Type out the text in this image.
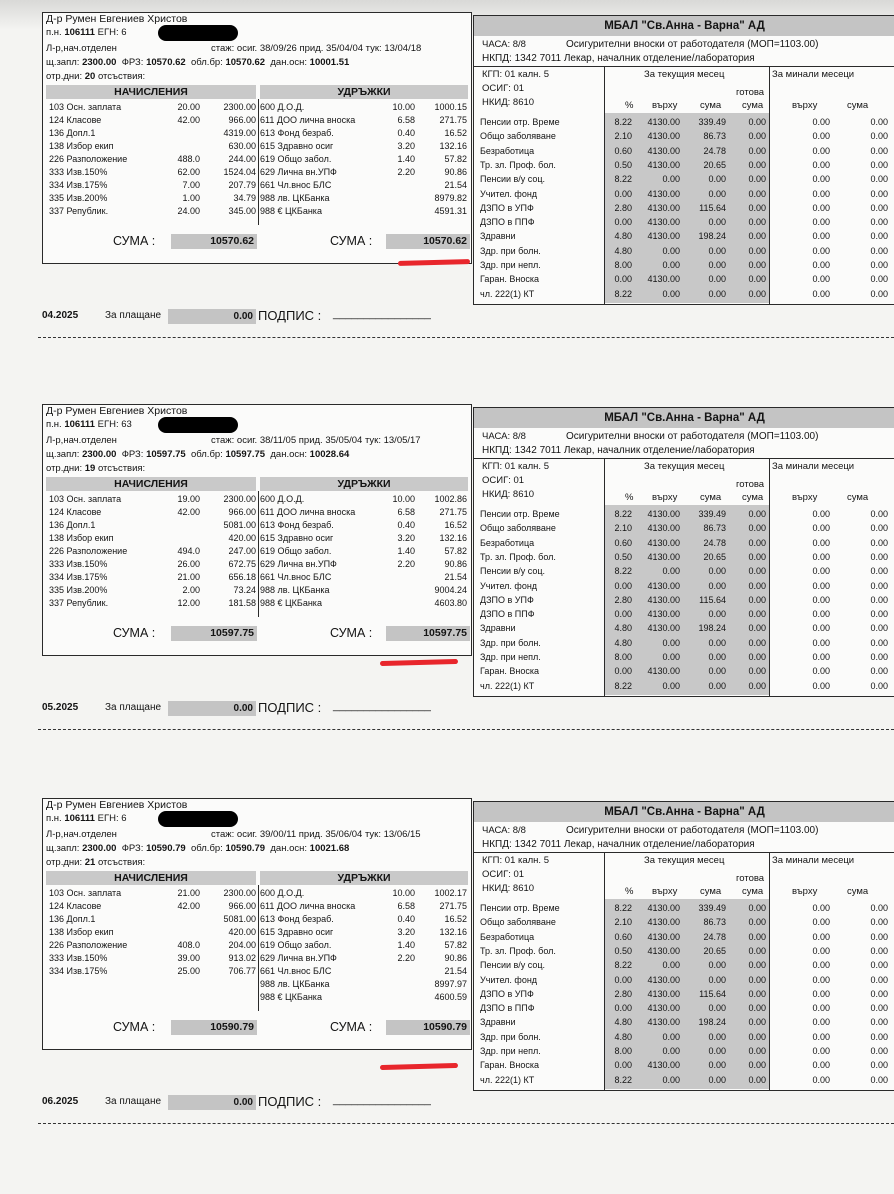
Д-р Румен Евгениев Христов
п.н. 106111 ЕГН: 6
Л-р,нач.отделен	стаж: осиг. 38/09/26 прид. 35/04/04 тук: 13/04/18
щ.запл: 2300.00 ФРЗ: 10570.62 обл.бр: 10570.62 дан.осн: 10001.51
отр.дни: 20 отсъствия:
НАЧИСЛЕНИЯ	УДРЪЖКИ
103 Осн. заплата	20.00	2300.00 600 Д.О.Д.	10.00	1000.15
124 Класове	42.00	966.00 611 ДОО лична вноска	6.58	271.75
136 Допл.1	4319.00 613 Фонд безраб.	0.40	16.52
138 Избор екип	630.00 615 Здравно осиг	3.20	132.16
226 Разположение	488.0	244.00 619 Общо забол.	1.40	57.82
333 Изв.150%	62.00	1524.04 629 Лична вн.УПФ	2.20	90.86
334 Изв.175%	7.00	207.79 661 Чл.внос БЛС	21.54
335 Изв.200%	1.00	34.79 988 лв. ЦКБанка	8979.82
337 Републик.	24.00	345.00 988 € ЦКБанка	4591.31
СУМА :	10570.62	СУМА :	10570.62
МБАЛ "Св.Анна - Варна" АД
ЧАСА: 8/8	Осигурителни вноски от работодателя (МОП=1103.00)
НКПД: 1342 7011 Лекар, началник отделение/лаборатория
КГП: 01 калн. 5
ОСИГ: 01
НКИД: 8610
За текущия месец	За минали месеци
готова
% върху сума сума	върху	сума
Пенсии отр. Време	8.22	4130.00	339.49	0.00	0.00	0.00
Общо заболяване	2.10	4130.00	86.73	0.00	0.00	0.00
Безработица	0.60	4130.00	24.78	0.00	0.00	0.00
Тр. зл. Проф. бол.	0.50	4130.00	20.65	0.00	0.00	0.00
Пенсии в/у соц.	8.22	0.00	0.00	0.00	0.00	0.00
Учител. фонд	0.00	4130.00	0.00	0.00	0.00	0.00
ДЗПО в УПФ	2.80	4130.00	115.64	0.00	0.00	0.00
ДЗПО в ППФ	0.00	4130.00	0.00	0.00	0.00	0.00
Здравни	4.80	4130.00	198.24	0.00	0.00	0.00
Здр. при болн.	4.80	0.00	0.00	0.00	0.00	0.00
Здр. при непл.	8.00	0.00	0.00	0.00	0.00	0.00
Гаран. Вноска	0.00	4130.00	0.00	0.00	0.00	0.00
чл. 222(1) КТ	8.22	0.00	0.00	0.00	0.00	0.00
04.2025	За плащане	0.00 ПОДПИС : ________________
Д-р Румен Евгениев Христов
п.н. 106111 ЕГН: 63
Л-р,нач.отделен	стаж: осиг. 38/11/05 прид. 35/05/04 тук: 13/05/17
щ.запл: 2300.00 ФРЗ: 10597.75 обл.бр: 10597.75 дан.осн: 10028.64
отр.дни: 19 отсъствия:
НАЧИСЛЕНИЯ	УДРЪЖКИ
103 Осн. заплата	19.00	2300.00 600 Д.О.Д.	10.00	1002.86
124 Класове	42.00	966.00 611 ДОО лична вноска	6.58	271.75
136 Допл.1	5081.00 613 Фонд безраб.	0.40	16.52
138 Избор екип	420.00 615 Здравно осиг	3.20	132.16
226 Разположение	494.0	247.00 619 Общо забол.	1.40	57.82
333 Изв.150%	26.00	672.75 629 Лична вн.УПФ	2.20	90.86
334 Изв.175%	21.00	656.18 661 Чл.внос БЛС	21.54
335 Изв.200%	2.00	73.24 988 лв. ЦКБанка	9004.24
337 Републик.	12.00	181.58 988 € ЦКБанка	4603.80
СУМА :	10597.75	СУМА :	10597.75
МБАЛ "Св.Анна - Варна" АД
ЧАСА: 8/8	Осигурителни вноски от работодателя (МОП=1103.00)
НКПД: 1342 7011 Лекар, началник отделение/лаборатория
КГП: 01 калн. 5
ОСИГ: 01
НКИД: 8610
За текущия месец	За минали месеци
готова
% върху сума сума	върху	сума
Пенсии отр. Време	8.22	4130.00	339.49	0.00	0.00	0.00
Общо заболяване	2.10	4130.00	86.73	0.00	0.00	0.00
Безработица	0.60	4130.00	24.78	0.00	0.00	0.00
Тр. зл. Проф. бол.	0.50	4130.00	20.65	0.00	0.00	0.00
Пенсии в/у соц.	8.22	0.00	0.00	0.00	0.00	0.00
Учител. фонд	0.00	4130.00	0.00	0.00	0.00	0.00
ДЗПО в УПФ	2.80	4130.00	115.64	0.00	0.00	0.00
ДЗПО в ППФ	0.00	4130.00	0.00	0.00	0.00	0.00
Здравни	4.80	4130.00	198.24	0.00	0.00	0.00
Здр. при болн.	4.80	0.00	0.00	0.00	0.00	0.00
Здр. при непл.	8.00	0.00	0.00	0.00	0.00	0.00
Гаран. Вноска	0.00	4130.00	0.00	0.00	0.00	0.00
чл. 222(1) КТ	8.22	0.00	0.00	0.00	0.00	0.00
05.2025	За плащане	0.00 ПОДПИС : ________________
Д-р Румен Евгениев Христов
п.н. 106111 ЕГН: 6
Л-р,нач.отделен	стаж: осиг. 39/00/11 прид. 35/06/04 тук: 13/06/15
щ.запл: 2300.00 ФРЗ: 10590.79 обл.бр: 10590.79 дан.осн: 10021.68
отр.дни: 21 отсъствия:
НАЧИСЛЕНИЯ	УДРЪЖКИ
103 Осн. заплата	21.00	2300.00 600 Д.О.Д.	10.00	1002.17
124 Класове	42.00	966.00 611 ДОО лична вноска	6.58	271.75
136 Допл.1	5081.00 613 Фонд безраб.	0.40	16.52
138 Избор екип	420.00 615 Здравно осиг	3.20	132.16
226 Разположение	408.0	204.00 619 Общо забол.	1.40	57.82
333 Изв.150%	39.00	913.02 629 Лична вн.УПФ	2.20	90.86
334 Изв.175%	25.00	706.77 661 Чл.внос БЛС	21.54
988 лв. ЦКБанка	8997.97
988 € ЦКБанка	4600.59
СУМА :	10590.79	СУМА :	10590.79
МБАЛ "Св.Анна - Варна" АД
ЧАСА: 8/8	Осигурителни вноски от работодателя (МОП=1103.00)
НКПД: 1342 7011 Лекар, началник отделение/лаборатория
КГП: 01 калн. 5
ОСИГ: 01
НКИД: 8610
За текущия месец	За минали месеци
готова
% върху сума сума	върху	сума
Пенсии отр. Време	8.22	4130.00	339.49	0.00	0.00	0.00
Общо заболяване	2.10	4130.00	86.73	0.00	0.00	0.00
Безработица	0.60	4130.00	24.78	0.00	0.00	0.00
Тр. зл. Проф. бол.	0.50	4130.00	20.65	0.00	0.00	0.00
Пенсии в/у соц.	8.22	0.00	0.00	0.00	0.00	0.00
Учител. фонд	0.00	4130.00	0.00	0.00	0.00	0.00
ДЗПО в УПФ	2.80	4130.00	115.64	0.00	0.00	0.00
ДЗПО в ППФ	0.00	4130.00	0.00	0.00	0.00	0.00
Здравни	4.80	4130.00	198.24	0.00	0.00	0.00
Здр. при болн.	4.80	0.00	0.00	0.00	0.00	0.00
Здр. при непл.	8.00	0.00	0.00	0.00	0.00	0.00
Гаран. Вноска	0.00	4130.00	0.00	0.00	0.00	0.00
чл. 222(1) КТ	8.22	0.00	0.00	0.00	0.00	0.00
06.2025	За плащане	0.00 ПОДПИС : ________________
